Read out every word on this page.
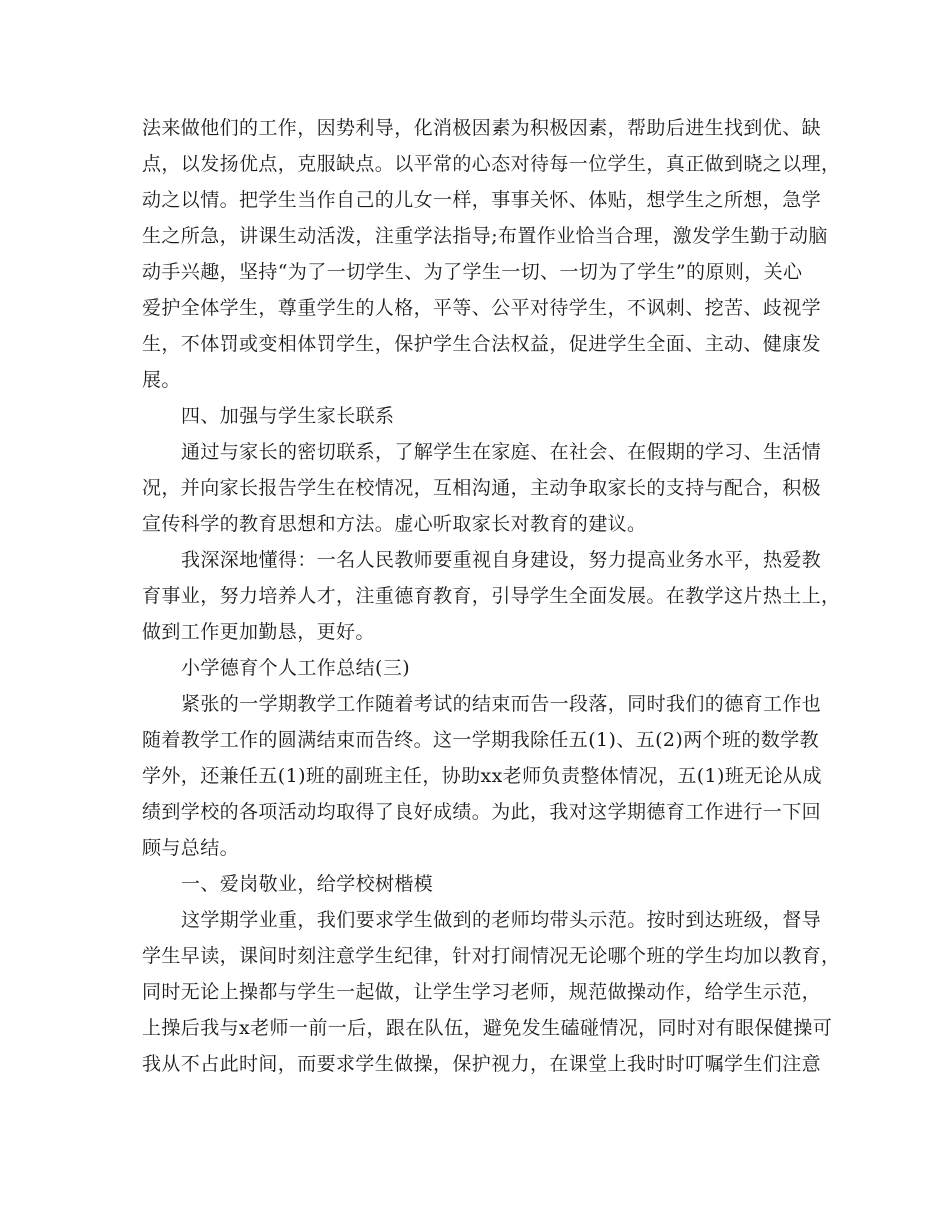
法来做他们的工作，因势利导，化消极因素为积极因素，帮助后进生找到优、缺
点，以发扬优点，克服缺点。以平常的心态对待每一位学生，真正做到晓之以理，
动之以情。把学生当作自己的儿女一样，事事关怀、体贴，想学生之所想，急学
生之所急，讲课生动活泼，注重学法指导;布置作业恰当合理，激发学生勤于动脑
动手兴趣，坚持“为了一切学生、为了学生一切、一切为了学生”的原则，关心
爱护全体学生，尊重学生的人格，平等、公平对待学生，不讽刺、挖苦、歧视学
生，不体罚或变相体罚学生，保护学生合法权益，促进学生全面、主动、健康发
展。
四、加强与学生家长联系
通过与家长的密切联系，了解学生在家庭、在社会、在假期的学习、生活情
况，并向家长报告学生在校情况，互相沟通，主动争取家长的支持与配合，积极
宣传科学的教育思想和方法。虚心听取家长对教育的建议。
我深深地懂得：一名人民教师要重视自身建设，努力提高业务水平，热爱教
育事业，努力培养人才，注重德育教育，引导学生全面发展。在教学这片热土上，
做到工作更加勤恳，更好。
小学德育个人工作总结(三)
紧张的一学期教学工作随着考试的结束而告一段落，同时我们的德育工作也
随着教学工作的圆满结束而告终。这一学期我除任五(1)、五(2)两个班的数学教
学外，还兼任五(1)班的副班主任，协助xx老师负责整体情况，五(1)班无论从成
绩到学校的各项活动均取得了良好成绩。为此，我对这学期德育工作进行一下回
顾与总结。
一、爱岗敬业，给学校树楷模
这学期学业重，我们要求学生做到的老师均带头示范。按时到达班级，督导
学生早读，课间时刻注意学生纪律，针对打闹情况无论哪个班的学生均加以教育，
同时无论上操都与学生一起做，让学生学习老师，规范做操动作，给学生示范，
上操后我与x老师一前一后，跟在队伍，避免发生磕碰情况，同时对有眼保健操可
我从不占此时间，而要求学生做操，保护视力，在课堂上我时时叮嘱学生们注意
